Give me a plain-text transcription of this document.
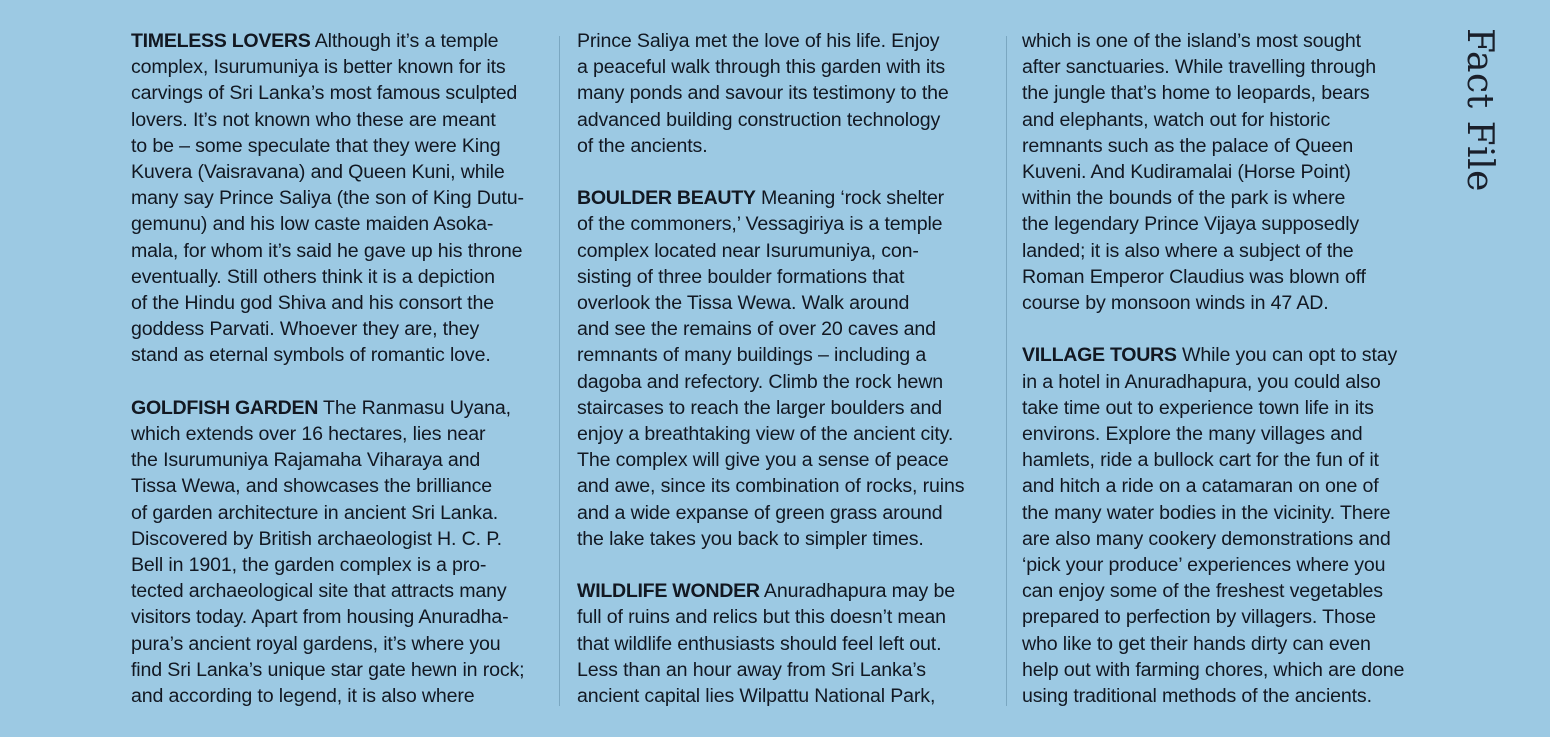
TIMELESS LOVERS Although it’s a temple
complex, Isurumuniya is better known for its
carvings of Sri Lanka’s most famous sculpted
lovers. It’s not known who these are meant
to be – some speculate that they were King
Kuvera (Vaisravana) and Queen Kuni, while
many say Prince Saliya (the son of King Dutu-
gemunu) and his low caste maiden Asoka-
mala, for whom it’s said he gave up his throne
eventually. Still others think it is a depiction
of the Hindu god Shiva and his consort the
goddess Parvati. Whoever they are, they
stand as eternal symbols of romantic love.
GOLDFISH GARDEN The Ranmasu Uyana,
which extends over 16 hectares, lies near
the Isurumuniya Rajamaha Viharaya and
Tissa Wewa, and showcases the brilliance
of garden architecture in ancient Sri Lanka.
Discovered by British archaeologist H. C. P.
Bell in 1901, the garden complex is a pro-
tected archaeological site that attracts many
visitors today. Apart from housing Anuradha-
pura’s ancient royal gardens, it’s where you
find Sri Lanka’s unique star gate hewn in rock;
and according to legend, it is also where
Prince Saliya met the love of his life. Enjoy
a peaceful walk through this garden with its
many ponds and savour its testimony to the
advanced building construction technology
of the ancients.
BOULDER BEAUTY Meaning ‘rock shelter
of the commoners,’ Vessagiriya is a temple
complex located near Isurumuniya, con-
sisting of three boulder formations that
overlook the Tissa Wewa. Walk around
and see the remains of over 20 caves and
remnants of many buildings – including a
dagoba and refectory. Climb the rock hewn
staircases to reach the larger boulders and
enjoy a breathtaking view of the ancient city.
The complex will give you a sense of peace
and awe, since its combination of rocks, ruins
and a wide expanse of green grass around
the lake takes you back to simpler times.
WILDLIFE WONDER Anuradhapura may be
full of ruins and relics but this doesn’t mean
that wildlife enthusiasts should feel left out.
Less than an hour away from Sri Lanka’s
ancient capital lies Wilpattu National Park,
which is one of the island’s most sought
after sanctuaries. While travelling through
the jungle that’s home to leopards, bears
and elephants, watch out for historic
remnants such as the palace of Queen
Kuveni. And Kudiramalai (Horse Point)
within the bounds of the park is where
the legendary Prince Vijaya supposedly
landed; it is also where a subject of the
Roman Emperor Claudius was blown off
course by monsoon winds in 47 AD.
VILLAGE TOURS While you can opt to stay
in a hotel in Anuradhapura, you could also
take time out to experience town life in its
environs. Explore the many villages and
hamlets, ride a bullock cart for the fun of it
and hitch a ride on a catamaran on one of
the many water bodies in the vicinity. There
are also many cookery demonstrations and
‘pick your produce’ experiences where you
can enjoy some of the freshest vegetables
prepared to perfection by villagers. Those
who like to get their hands dirty can even
help out with farming chores, which are done
using traditional methods of the ancients.
Fact File
